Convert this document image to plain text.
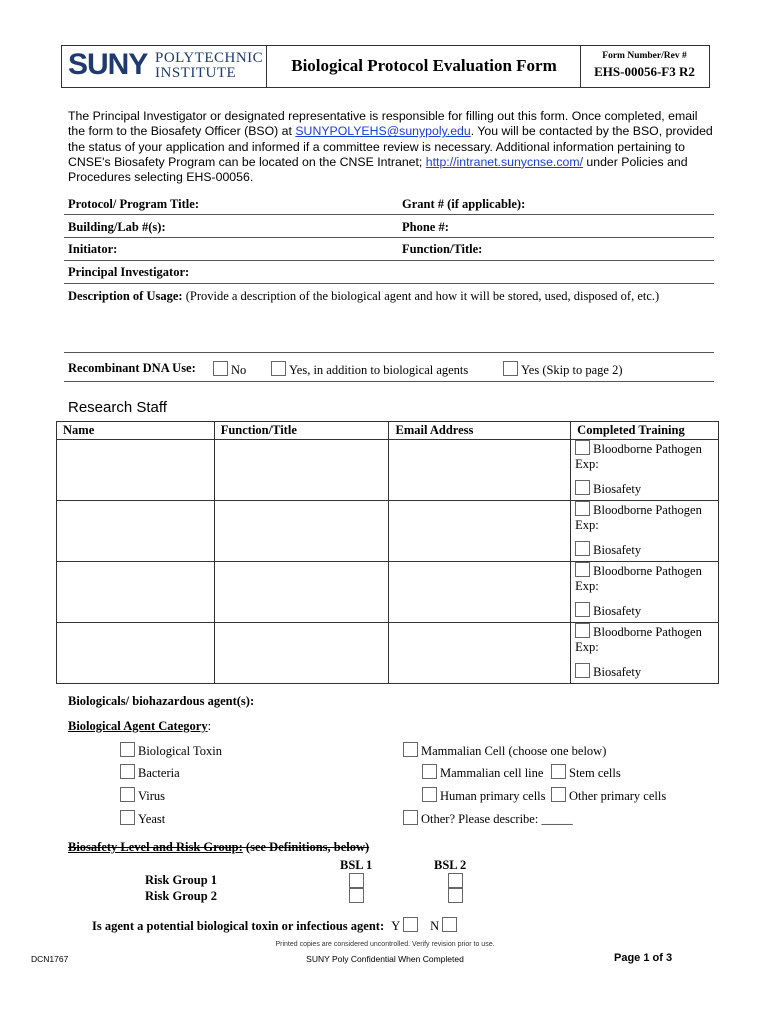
SUNY POLYTECHNIC
INSTITUTE	Biological Protocol Evaluation Form	Form Number/Rev #
EHS-00056-F3 R2
The Principal Investigator or designated representative is responsible for filling out this form. Once completed, email the form to the Biosafety Officer (BSO) at SUNYPOLYEHS@sunypoly.edu. You will be contacted by the BSO, provided the status of your application and informed if a committee review is necessary. Additional information pertaining to CNSE's Biosafety Program can be located on the CNSE Intranet; http://intranet.sunycnse.com/ under Policies and Procedures selecting EHS-00056.
Protocol/ Program Title:	Grant # (if applicable):
Building/Lab #(s):	Phone #:
Initiator:	Function/Title:
Principal Investigator:
Description of Usage: (Provide a description of the biological agent and how it will be stored, used, disposed of, etc.)
Recombinant DNA Use:	No	Yes, in addition to biological agents	Yes (Skip to page 2)
Research Staff
Name	Function/Title	Email Address	Completed Training

			Bloodborne Pathogen
Exp:
Biosafety

			Bloodborne Pathogen
Exp:
Biosafety

			Bloodborne Pathogen
Exp:
Biosafety

			Bloodborne Pathogen
Exp:
Biosafety
Biologicals/ biohazardous agent(s):
Biological Agent Category:
Biological Toxin
Bacteria
Virus
Yeast
Mammalian Cell (choose one below)
Mammalian cell line	Stem cells
Human primary cells	Other primary cells
Other? Please describe: _____
Biosafety Level and Risk Group: (see Definitions, below)
BSL 1	BSL 2
Risk Group 1
Risk Group 2
Is agent a potential biological toxin or infectious agent: Y N
Printed copies are considered uncontrolled. Verify revision prior to use.
DCN1767	SUNY Poly Confidential When Completed	Page 1 of 3
